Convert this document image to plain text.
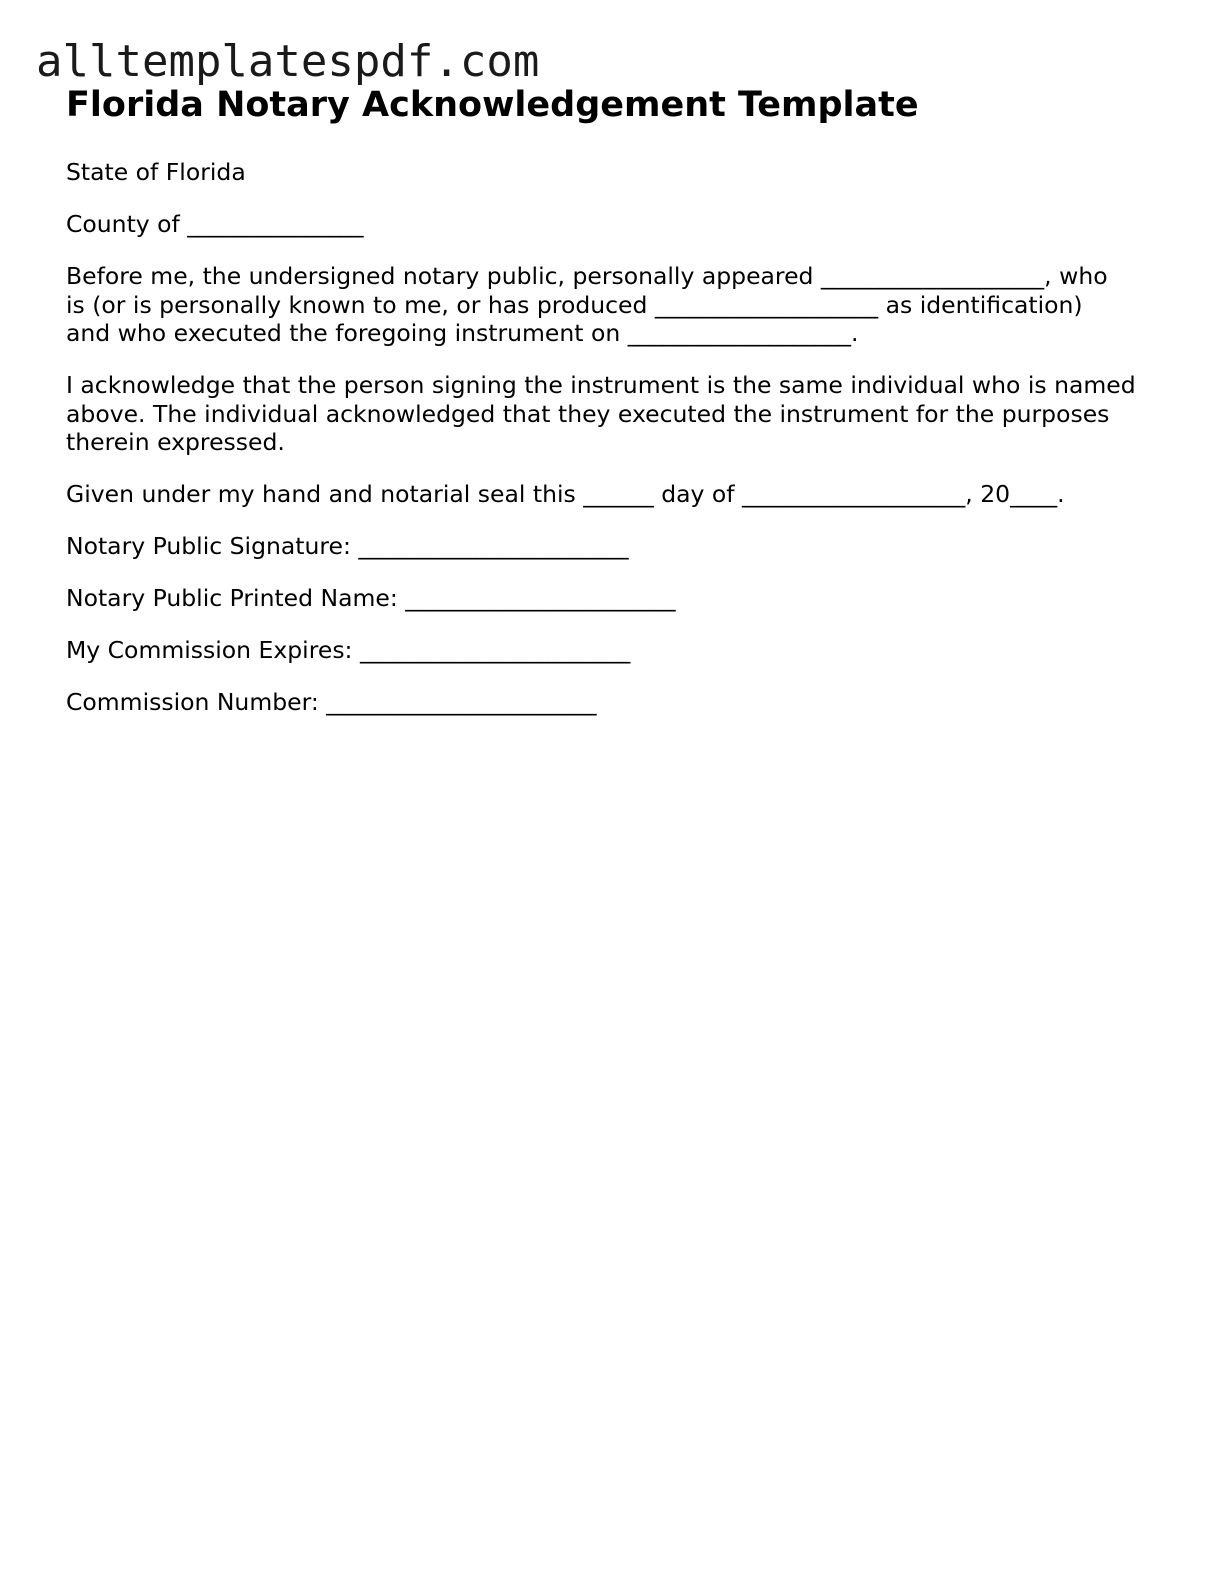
alltemplatespdf.com
Florida Notary Acknowledgement Template
State of Florida
County of _______________
Before me, the undersigned notary public, personally appeared ___________________, who
is (or is personally known to me, or has produced ___________________ as identification)
and who executed the foregoing instrument on ___________________.
I acknowledge that the person signing the instrument is the same individual who is named
above. The individual acknowledged that they executed the instrument for the purposes
therein expressed.
Given under my hand and notarial seal this ______ day of ___________________, 20____.
Notary Public Signature: _______________________
Notary Public Printed Name: _______________________
My Commission Expires: _______________________
Commission Number: _______________________
